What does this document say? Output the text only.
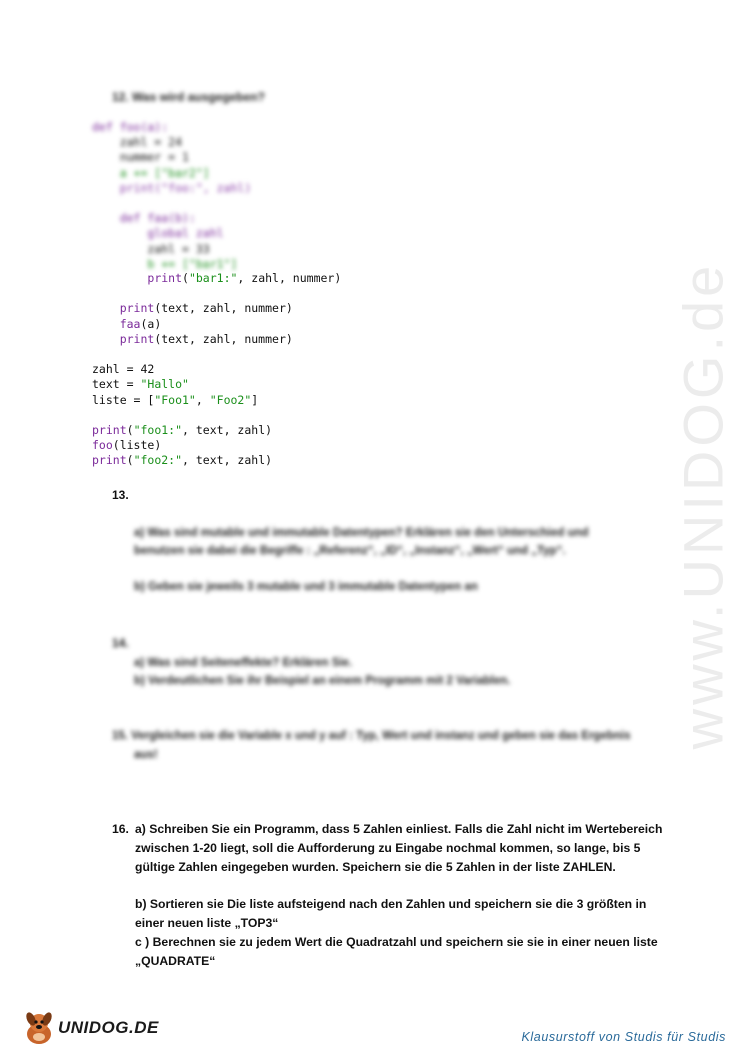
www.UNIDOG.de
12. Was wird ausgegeben?
def foo(a):
zahl = 24
nummer = 1
a += ["bar2"]
print("foo:", zahl)

def faa(b):
global zahl
zahl = 33
b += ["bar1"]
print("bar1:", zahl, nummer)

print(text, zahl, nummer)
faa(a)
print(text, zahl, nummer)

zahl = 42
text = "Hallo"
liste = ["Foo1", "Foo2"]

print("foo1:", text, zahl)
foo(liste)
print("foo2:", text, zahl)
13.
a) Was sind mutable und immutable Datentypen? Erklären sie den Unterschied und
benutzen sie dabei die Begriffe : „Referenz“, „ID“, „Instanz“, „Wert“ und „Typ“.
b) Geben sie jeweils 3 mutable und 3 immutable Datentypen an
14.
a) Was sind Seiteneffekte? Erklären Sie.
b) Verdeutlichen Sie ihr Beispiel an einem Programm mit 2 Variablen.
15. Vergleichen sie die Variable x und y auf : Typ, Wert und instanz und geben sie das Ergebnis
aus!
16. a) Schreiben Sie ein Programm, dass 5 Zahlen einliest. Falls die Zahl nicht im Wertebereich
zwischen 1-20 liegt, soll die Aufforderung zu Eingabe nochmal kommen, so lange, bis 5
gültige Zahlen eingegeben wurden. Speichern sie die 5 Zahlen in der liste ZAHLEN.

b) Sortieren sie Die liste aufsteigend nach den Zahlen und speichern sie die 3 größten in
einer neuen liste „TOP3“
c ) Berechnen sie zu jedem Wert die Quadratzahl und speichern sie sie in einer neuen liste
„QUADRATE“

UNIDOG.DE	Klausurstoff von Studis für Studis
